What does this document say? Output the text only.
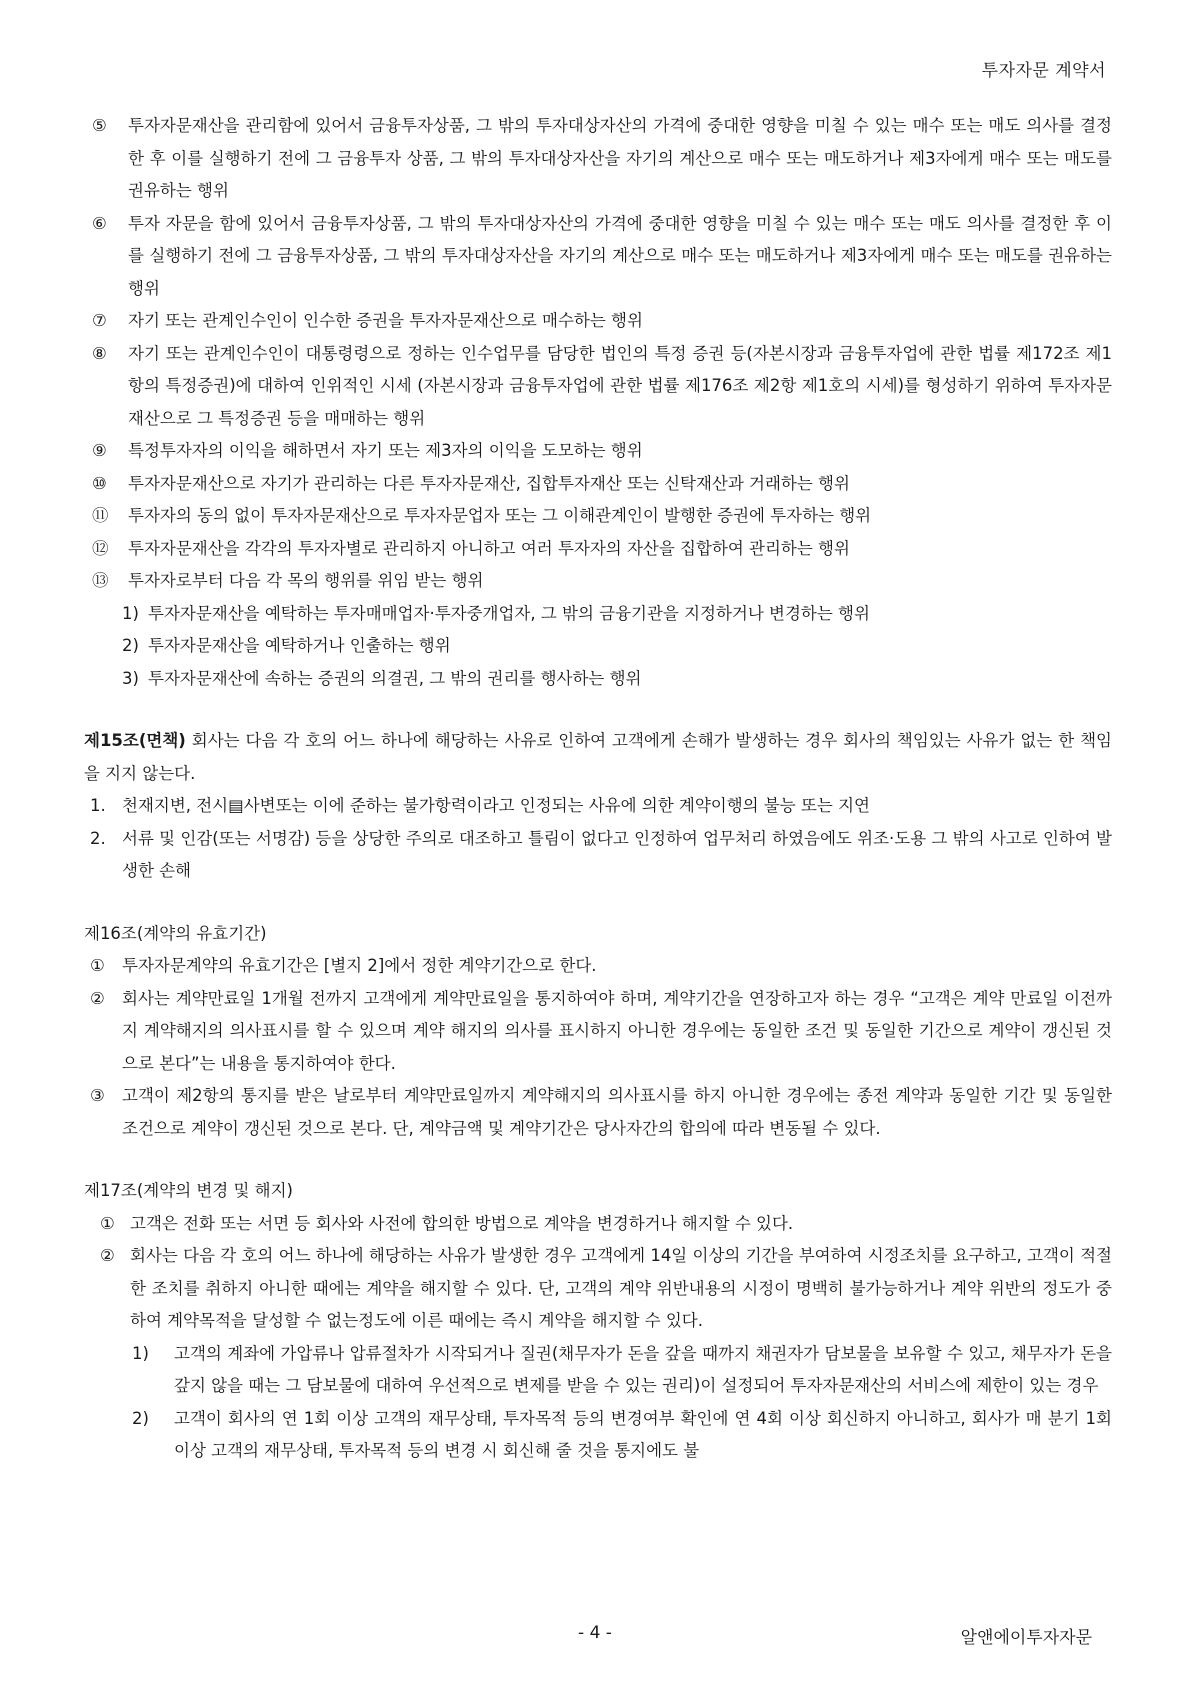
투자자문 계약서
⑤ 투자자문재산을 관리함에 있어서 금융투자상품, 그 밖의 투자대상자산의 가격에 중대한 영향을 미칠 수 있는 매수 또는 매도 의사를 결정한 후 이를 실행하기 전에 그 금융투자 상품, 그 밖의 투자대상자산을 자기의 계산으로 매수 또는 매도하거나 제3자에게 매수 또는 매도를 권유하는 행위
⑥ 투자 자문을 함에 있어서 금융투자상품, 그 밖의 투자대상자산의 가격에 중대한 영향을 미칠 수 있는 매수 또는 매도 의사를 결정한 후 이를 실행하기 전에 그 금융투자상품, 그 밖의 투자대상자산을 자기의 계산으로 매수 또는 매도하거나 제3자에게 매수 또는 매도를 권유하는 행위
⑦ 자기 또는 관계인수인이 인수한 증권을 투자자문재산으로 매수하는 행위
⑧ 자기 또는 관계인수인이 대통령령으로 정하는 인수업무를 담당한 법인의 특정 증권 등(자본시장과 금융투자업에 관한 법률 제172조 제1항의 특정증권)에 대하여 인위적인 시세 (자본시장과 금융투자업에 관한 법률 제176조 제2항 제1호의 시세)를 형성하기 위하여 투자자문재산으로 그 특정증권 등을 매매하는 행위
⑨ 특정투자자의 이익을 해하면서 자기 또는 제3자의 이익을 도모하는 행위
⑩ 투자자문재산으로 자기가 관리하는 다른 투자자문재산, 집합투자재산 또는 신탁재산과 거래하는 행위
⑪ 투자자의 동의 없이 투자자문재산으로 투자자문업자 또는 그 이해관계인이 발행한 증권에 투자하는 행위
⑫ 투자자문재산을 각각의 투자자별로 관리하지 아니하고 여러 투자자의 자산을 집합하여 관리하는 행위
⑬ 투자자로부터 다음 각 목의 행위를 위임 받는 행위
1) 투자자문재산을 예탁하는 투자매매업자·투자중개업자, 그 밖의 금융기관을 지정하거나 변경하는 행위
2) 투자자문재산을 예탁하거나 인출하는 행위
3) 투자자문재산에 속하는 증권의 의결권, 그 밖의 권리를 행사하는 행위
제15조(면책) 회사는 다음 각 호의 어느 하나에 해당하는 사유로 인하여 고객에게 손해가 발생하는 경우 회사의 책임있는 사유가 없는 한 책임을 지지 않는다.
1. 천재지변, 전시▤사변또는 이에 준하는 불가항력이라고 인정되는 사유에 의한 계약이행의 불능 또는 지연
2. 서류 및 인감(또는 서명감) 등을 상당한 주의로 대조하고 틀림이 없다고 인정하여 업무처리 하였음에도 위조·도용 그 밖의 사고로 인하여 발생한 손해
제16조(계약의 유효기간)
① 투자자문계약의 유효기간은 [별지 2]에서 정한 계약기간으로 한다.
② 회사는 계약만료일 1개월 전까지 고객에게 계약만료일을 통지하여야 하며, 계약기간을 연장하고자 하는 경우 “고객은 계약 만료일 이전까지 계약해지의 의사표시를 할 수 있으며 계약 해지의 의사를 표시하지 아니한 경우에는 동일한 조건 및 동일한 기간으로 계약이 갱신된 것으로 본다”는 내용을 통지하여야 한다.
③ 고객이 제2항의 통지를 받은 날로부터 계약만료일까지 계약해지의 의사표시를 하지 아니한 경우에는 종전 계약과 동일한 기간 및 동일한 조건으로 계약이 갱신된 것으로 본다. 단, 계약금액 및 계약기간은 당사자간의 합의에 따라 변동될 수 있다.
제17조(계약의 변경 및 해지)
① 고객은 전화 또는 서면 등 회사와 사전에 합의한 방법으로 계약을 변경하거나 해지할 수 있다.
② 회사는 다음 각 호의 어느 하나에 해당하는 사유가 발생한 경우 고객에게 14일 이상의 기간을 부여하여 시정조치를 요구하고, 고객이 적절한 조치를 취하지 아니한 때에는 계약을 해지할 수 있다. 단, 고객의 계약 위반내용의 시정이 명백히 불가능하거나 계약 위반의 정도가 중하여 계약목적을 달성할 수 없는정도에 이른 때에는 즉시 계약을 해지할 수 있다.
1) 고객의 계좌에 가압류나 압류절차가 시작되거나 질권(채무자가 돈을 갚을 때까지 채권자가 담보물을 보유할 수 있고, 채무자가 돈을 갚지 않을 때는 그 담보물에 대하여 우선적으로 변제를 받을 수 있는 권리)이 설정되어 투자자문재산의 서비스에 제한이 있는 경우
2) 고객이 회사의 연 1회 이상 고객의 재무상태, 투자목적 등의 변경여부 확인에 연 4회 이상 회신하지 아니하고, 회사가 매 분기 1회 이상 고객의 재무상태, 투자목적 등의 변경 시 회신해 줄 것을 통지에도 불
- 4 -	알앤에이투자자문
